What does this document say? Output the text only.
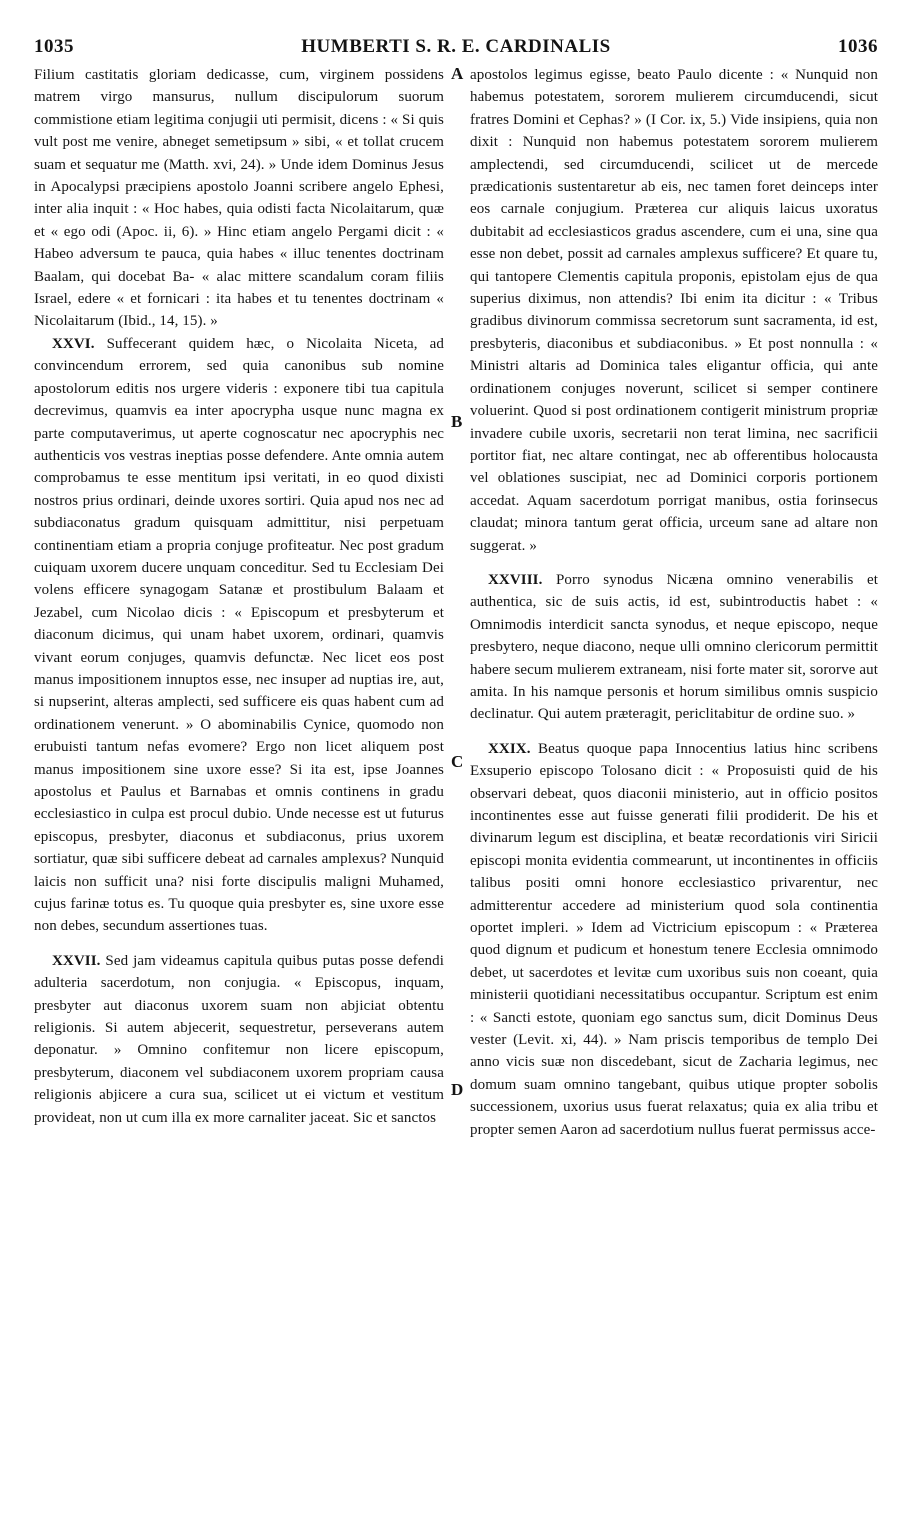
1035	HUMBERTI S. R. E. CARDINALIS	1036

Filium castitatis gloriam dedicasse, cum, virginem possidens matrem virgo mansurus, nullum discipulorum suorum commistione etiam legitima conjugii uti permisit, dicens : « Si quis vult post me venire, abneget semetipsum » sibi, « et tollat crucem suam et sequatur me (Matth. xvi, 24). » Unde idem Dominus Jesus in Apocalypsi præcipiens apostolo Joanni scribere angelo Ephesi, inter alia inquit : « Hoc habes, quia odisti facta Nicolaitarum, quæ et « ego odi (Apoc. ii, 6). » Hinc etiam angelo Pergami dicit : « Habeo adversum te pauca, quia habes « illuc tenentes doctrinam Baalam, qui docebat Ba- « alac mittere scandalum coram filiis Israel, edere « et fornicari : ita habes et tu tenentes doctrinam « Nicolaitarum (Ibid., 14, 15). »

XXVI. Suffecerant quidem hæc, o Nicolaita Niceta, ad convincendum errorem, sed quia canonibus sub nomine apostolorum editis nos urgere videris : exponere tibi tua capitula decrevimus, quamvis ea inter apocrypha usque nunc magna ex parte computaverimus, ut aperte cognoscatur nec apocryphis nec authenticis vos vestras ineptias posse defendere. Ante omnia autem comprobamus te esse mentitum ipsi veritati, in eo quod dixisti nostros prius ordinari, deinde uxores sortiri. Quia apud nos nec ad subdiaconatus gradum quisquam admittitur, nisi perpetuam continentiam etiam a propria conjuge profiteatur. Nec post gradum cuiquam uxorem ducere unquam conceditur. Sed tu Ecclesiam Dei volens efficere synagogam Satanæ et prostibulum Balaam et Jezabel, cum Nicolao dicis : « Episcopum et presbyterum et diaconum dicimus, qui unam habet uxorem, ordinari, quamvis vivant eorum conjuges, quamvis defunctæ. Nec licet eos post manus impositionem innuptos esse, nec insuper ad nuptias ire, aut, si nupserint, alteras amplecti, sed sufficere eis quas habent cum ad ordinationem venerunt. » O abominabilis Cynice, quomodo non erubuisti tantum nefas evomere? Ergo non licet aliquem post manus impositionem sine uxore esse? Si ita est, ipse Joannes apostolus et Paulus et Barnabas et omnis continens in gradu ecclesiastico in culpa est procul dubio. Unde necesse est ut futurus episcopus, presbyter, diaconus et subdiaconus, prius uxorem sortiatur, quæ sibi sufficere debeat ad carnales amplexus? Nunquid laicis non sufficit una? nisi forte discipulis maligni Muhamed, cujus farinæ totus es. Tu quoque quia presbyter es, sine uxore esse non debes, secundum assertiones tuas.

XXVII. Sed jam videamus capitula quibus putas posse defendi adulteria sacerdotum, non conjugia. « Episcopus, inquam, presbyter aut diaconus uxorem suam non abjiciat obtentu religionis. Si autem abjecerit, sequestretur, perseverans autem deponatur. » Omnino confitemur non licere episcopum, presbyterum, diaconem vel subdiaconem uxorem propriam causa religionis abjicere a cura sua, scilicet ut ei victum et vestitum provideat, non ut cum illa ex more carnaliter jaceat. Sic et sanctos

apostolos legimus egisse, beato Paulo dicente : « Nunquid non habemus potestatem, sororem mulierem circumducendi, sicut fratres Domini et Cephas? » (I Cor. ix, 5.) Vide insipiens, quia non dixit : Nunquid non habemus potestatem sororem mulierem amplectendi, sed circumducendi, scilicet ut de mercede prædicationis sustentaretur ab eis, nec tamen foret deinceps inter eos carnale conjugium. Præterea cur aliquis laicus uxoratus dubitabit ad ecclesiasticos gradus ascendere, cum ei una, sine qua esse non debet, possit ad carnales amplexus sufficere? Et quare tu, qui tantopere Clementis capitula proponis, epistolam ejus de qua superius diximus, non attendis? Ibi enim ita dicitur : « Tribus gradibus divinorum commissa secretorum sunt sacramenta, id est, presbyteris, diaconibus et subdiaconibus. » Et post nonnulla : « Ministri altaris ad Dominica tales eligantur officia, qui ante ordinationem conjuges noverunt, scilicet si semper continere voluerint. Quod si post ordinationem contigerit ministrum propriæ invadere cubile uxoris, secretarii non terat limina, nec sacrificii portitor fiat, nec altare contingat, nec ab offerentibus holocausta vel oblationes suscipiat, nec ad Dominici corporis portionem accedat. Aquam sacerdotum porrigat manibus, ostia forinsecus claudat; minora tantum gerat officia, urceum sane ad altare non suggerat. »

XXVIII. Porro synodus Nicæna omnino venerabilis et authentica, sic de suis actis, id est, subintroductis habet : « Omnimodis interdicit sancta synodus, et neque episcopo, neque presbytero, neque diacono, neque ulli omnino clericorum permittit habere secum mulierem extraneam, nisi forte mater sit, sororve aut amita. In his namque personis et horum similibus omnis suspicio declinatur. Qui autem præteragit, periclitabitur de ordine suo. »

XXIX. Beatus quoque papa Innocentius latius hinc scribens Exsuperio episcopo Tolosano dicit : « Proposuisti quid de his observari debeat, quos diaconii ministerio, aut in officio positos incontinentes esse aut fuisse generati filii prodiderit. De his et divinarum legum est disciplina, et beatæ recordationis viri Siricii episcopi monita evidentia commearunt, ut incontinentes in officiis talibus positi omni honore ecclesiastico privarentur, nec admitterentur accedere ad ministerium quod sola continentia oportet impleri. » Idem ad Victricium episcopum : « Præterea quod dignum et pudicum et honestum tenere Ecclesia omnimodo debet, ut sacerdotes et levitæ cum uxoribus suis non coeant, quia ministerii quotidiani necessitatibus occupantur. Scriptum est enim : « Sancti estote, quoniam ego sanctus sum, dicit Dominus Deus vester (Levit. xi, 44). » Nam priscis temporibus de templo Dei anno vicis suæ non discedebant, sicut de Zacharia legimus, nec domum suam omnino tangebant, quibus utique propter sobolis successionem, uxorius usus fuerat relaxatus; quia ex alia tribu et propter semen Aaron ad sacerdotium nullus fuerat permissus acce-

A
B
C
D
